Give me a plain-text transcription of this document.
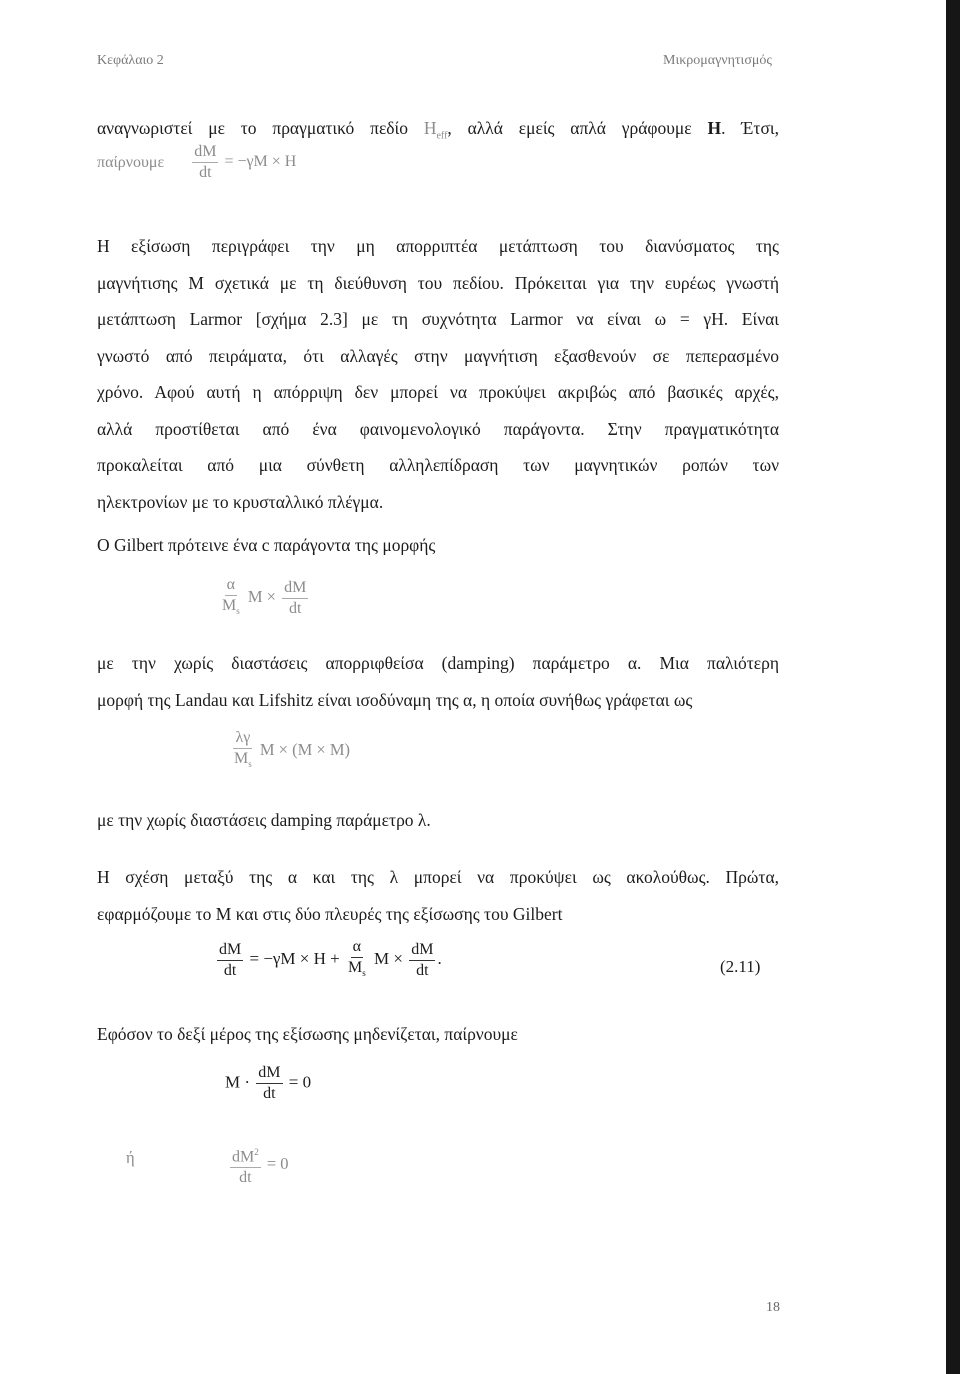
Κεφάλαιο 2	Μικρομαγνητισμός
αναγνωριστεί με το πραγματικό πεδίο $H_{eff}$, αλλά εμείς απλά γράφουμε H. Έτσι,
παίρνουμε $\frac{dM}{dt} = -\gamma M \times H$
Η εξίσωση περιγράφει την μη απορριπτέα μετάπτωση του διανύσματος της
μαγνήτισης Μ σχετικά με τη διεύθυνση του πεδίου. Πρόκειται για την ευρέως γνωστή
μετάπτωση Larmor [σχήμα 2.3] με τη συχνότητα Larmor να είναι ω = γH. Είναι
γνωστό από πειράματα, ότι αλλαγές στην μαγνήτιση εξασθενούν σε πεπερασμένο
χρόνο. Αφού αυτή η απόρριψη δεν μπορεί να προκύψει ακριβώς από βασικές αρχές,
αλλά προστίθεται από ένα φαινομενολογικό παράγοντα. Στην πραγματικότητα
προκαλείται από μια σύνθετη αλληλεπίδραση των μαγνητικών ροπών των
ηλεκτρονίων με το κρυσταλλικό πλέγμα.
Ο Gilbert πρότεινε ένα c παράγοντα της μορφής
$\frac{\alpha}{M_s}$ $M \times \frac{dM}{dt}$
με την χωρίς διαστάσεις απορριφθείσα (damping) παράμετρο α. Μια παλιότερη
μορφή της Landau και Lifshitz είναι ισοδύναμη της α, η οποία συνήθως γράφεται ως
$\frac{\lambda\gamma}{M_s}$ M × (M × M)
με την χωρίς διαστάσεις damping παράμετρο λ.
Η σχέση μεταξύ της α και της λ μπορεί να προκύψει ως ακολούθως. Πρώτα,
εφαρμόζουμε το Μ και στις δύο πλευρές της εξίσωσης του Gilbert
$\frac{dM}{dt} = -\gamma M \times H + \frac{\alpha}{M_s}$ $M \times \frac{dM}{dt}$ .	(2.11)
Εφόσον το δεξί μέρος της εξίσωσης μηδενίζεται, παίρνουμε
$M \cdot \frac{dM}{dt} = 0$
ή	$\frac{dM^2}{dt} = 0$
18
